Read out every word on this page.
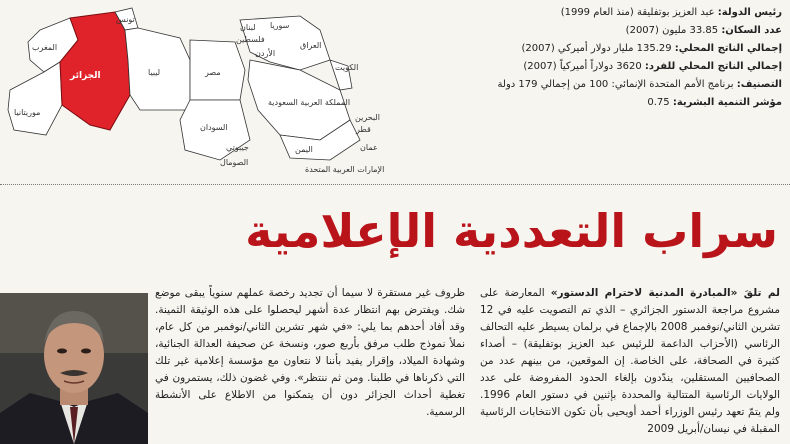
الجزائر	ليبيا	مصر
السودان
موريتانيا
المغرب
تونس
لبنان سوريا
العراق
الأردن
المملكة العربية السعودية
الكويت
البحرين
قطر
الإمارات العربية المتحدة
عمان
اليمن
جيبوتي
الصومال
فلسطين
رئيس الدولة: عبد العزيز بوتفليقة (منذ العام 1999)
عدد السكان: 33.85 مليون (2007)
إجمالي الناتج المحلي: 135.29 مليار دولار أميركي (2007)
إجمالي الناتج المحلي للفرد: 3620 دولاراً أميركياً (2007)
التصنيف: برنامج الأمم المتحدة الإنمائي: 100 من إجمالي 179 دولة
مؤشر التنمية البشرية: 0.75
سراب التعددية الإعلامية

لم تلقَ «المبادرة المدنية لاحترام الدستور» المعارضة على مشروع مراجعة الدستور الجزائري – الذي تم التصويت عليه في 12 تشرين الثاني/نوفمبر 2008 بالإجماع في برلمان يسيطر عليه التحالف الرئاسي (الأحزاب الداعمة للرئيس عبد العزيز بوتفليقة) – أصداء كثيرة في الصحافة، على الخاصة. إن الموقعين، من بينهم عدد من الصحافيين المستقلين، يندّدون بإلغاء الحدود المفروضة على عدد الولايات الرئاسية المتتالية والمحددة بإثنين في دستور العام 1996. ولم يتمّ تعهد رئيس الوزراء أحمد أويحيى بأن تكون الانتخابات الرئاسية المقبلة في نيسان/أبريل 2009

ظروف غير مستقرة لا سيما أن تجديد رخصة عملهم سنوياً يبقى موضع شك. ويفترض بهم انتظار عدة أشهر ليحصلوا على هذه الوثيقة الثمينة. وقد أفاد أحدهم بما يلي: «في شهر تشرين الثاني/نوفمبر من كل عام، نملأ نموذج طلب مرفق بأربع صور، ونسخة عن صحيفة العدالة الجنائية، وشهادة الميلاد، وإقرار يفيد بأننا لا نتعاون مع مؤسسة إعلامية غير تلك التي ذكرناها في طلبنا. ومن ثم ننتظر». وفي غضون ذلك، يستمرون في تغطية أحداث الجزائر دون أن يتمكنوا من الاطلاع على الأنشطة الرسمية.
